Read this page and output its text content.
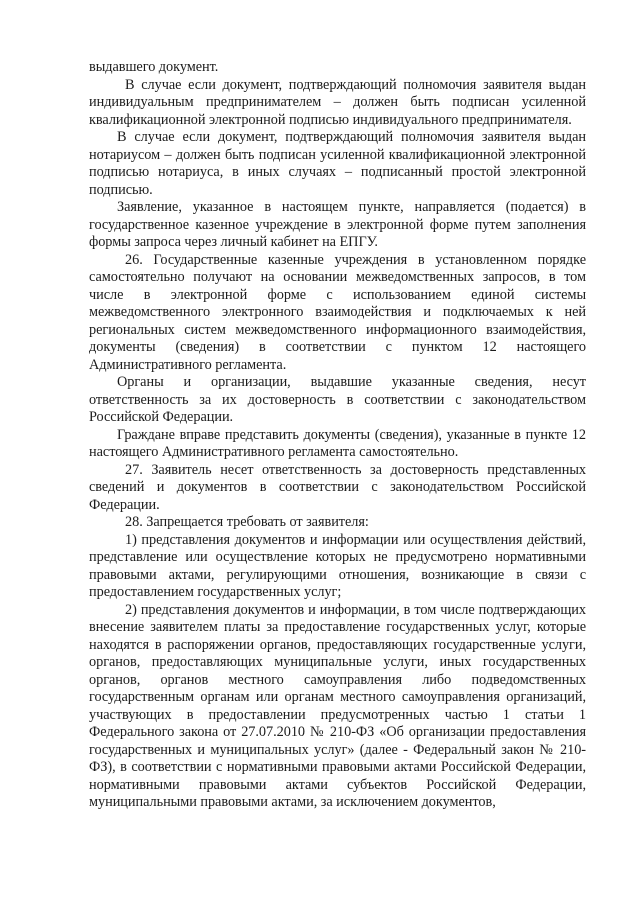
выдавшего документ.

В случае если документ, подтверждающий полномочия заявителя выдан индивидуальным предпринимателем – должен быть подписан усиленной квалификационной электронной подписью индивидуального предпринимателя.

В случае если документ, подтверждающий полномочия заявителя выдан нотариусом – должен быть подписан усиленной квалификационной электронной подписью нотариуса, в иных случаях – подписанный простой электронной подписью.

Заявление, указанное в настоящем пункте, направляется (подается) в государственное казенное учреждение в электронной форме путем заполнения формы запроса через личный кабинет на ЕПГУ.

26. Государственные казенные учреждения в установленном порядке самостоятельно получают на основании межведомственных запросов, в том числе в электронной форме с использованием единой системы межведомственного электронного взаимодействия и подключаемых к ней региональных систем межведомственного информационного взаимодействия, документы (сведения) в соответствии с пунктом 12 настоящего Административного регламента.

Органы и организации, выдавшие указанные сведения, несут ответственность за их достоверность в соответствии с законодательством Российской Федерации.

Граждане вправе представить документы (сведения), указанные в пункте 12 настоящего Административного регламента самостоятельно.

27. Заявитель несет ответственность за достоверность представленных сведений и документов в соответствии с законодательством Российской Федерации.

28. Запрещается требовать от заявителя:

1) представления документов и информации или осуществления действий, представление или осуществление которых не предусмотрено нормативными правовыми актами, регулирующими отношения, возникающие в связи с предоставлением государственных услуг;

2) представления документов и информации, в том числе подтверждающих внесение заявителем платы за предоставление государственных услуг, которые находятся в распоряжении органов, предоставляющих государственные услуги, органов, предоставляющих муниципальные услуги, иных государственных органов, органов местного самоуправления либо подведомственных государственным органам или органам местного самоуправления организаций, участвующих в предоставлении предусмотренных частью 1 статьи 1 Федерального закона от 27.07.2010 № 210-ФЗ «Об организации предоставления государственных и муниципальных услуг» (далее - Федеральный закон № 210-ФЗ), в соответствии с нормативными правовыми актами Российской Федерации, нормативными правовыми актами субъектов Российской Федерации, муниципальными правовыми актами, за исключением документов,
